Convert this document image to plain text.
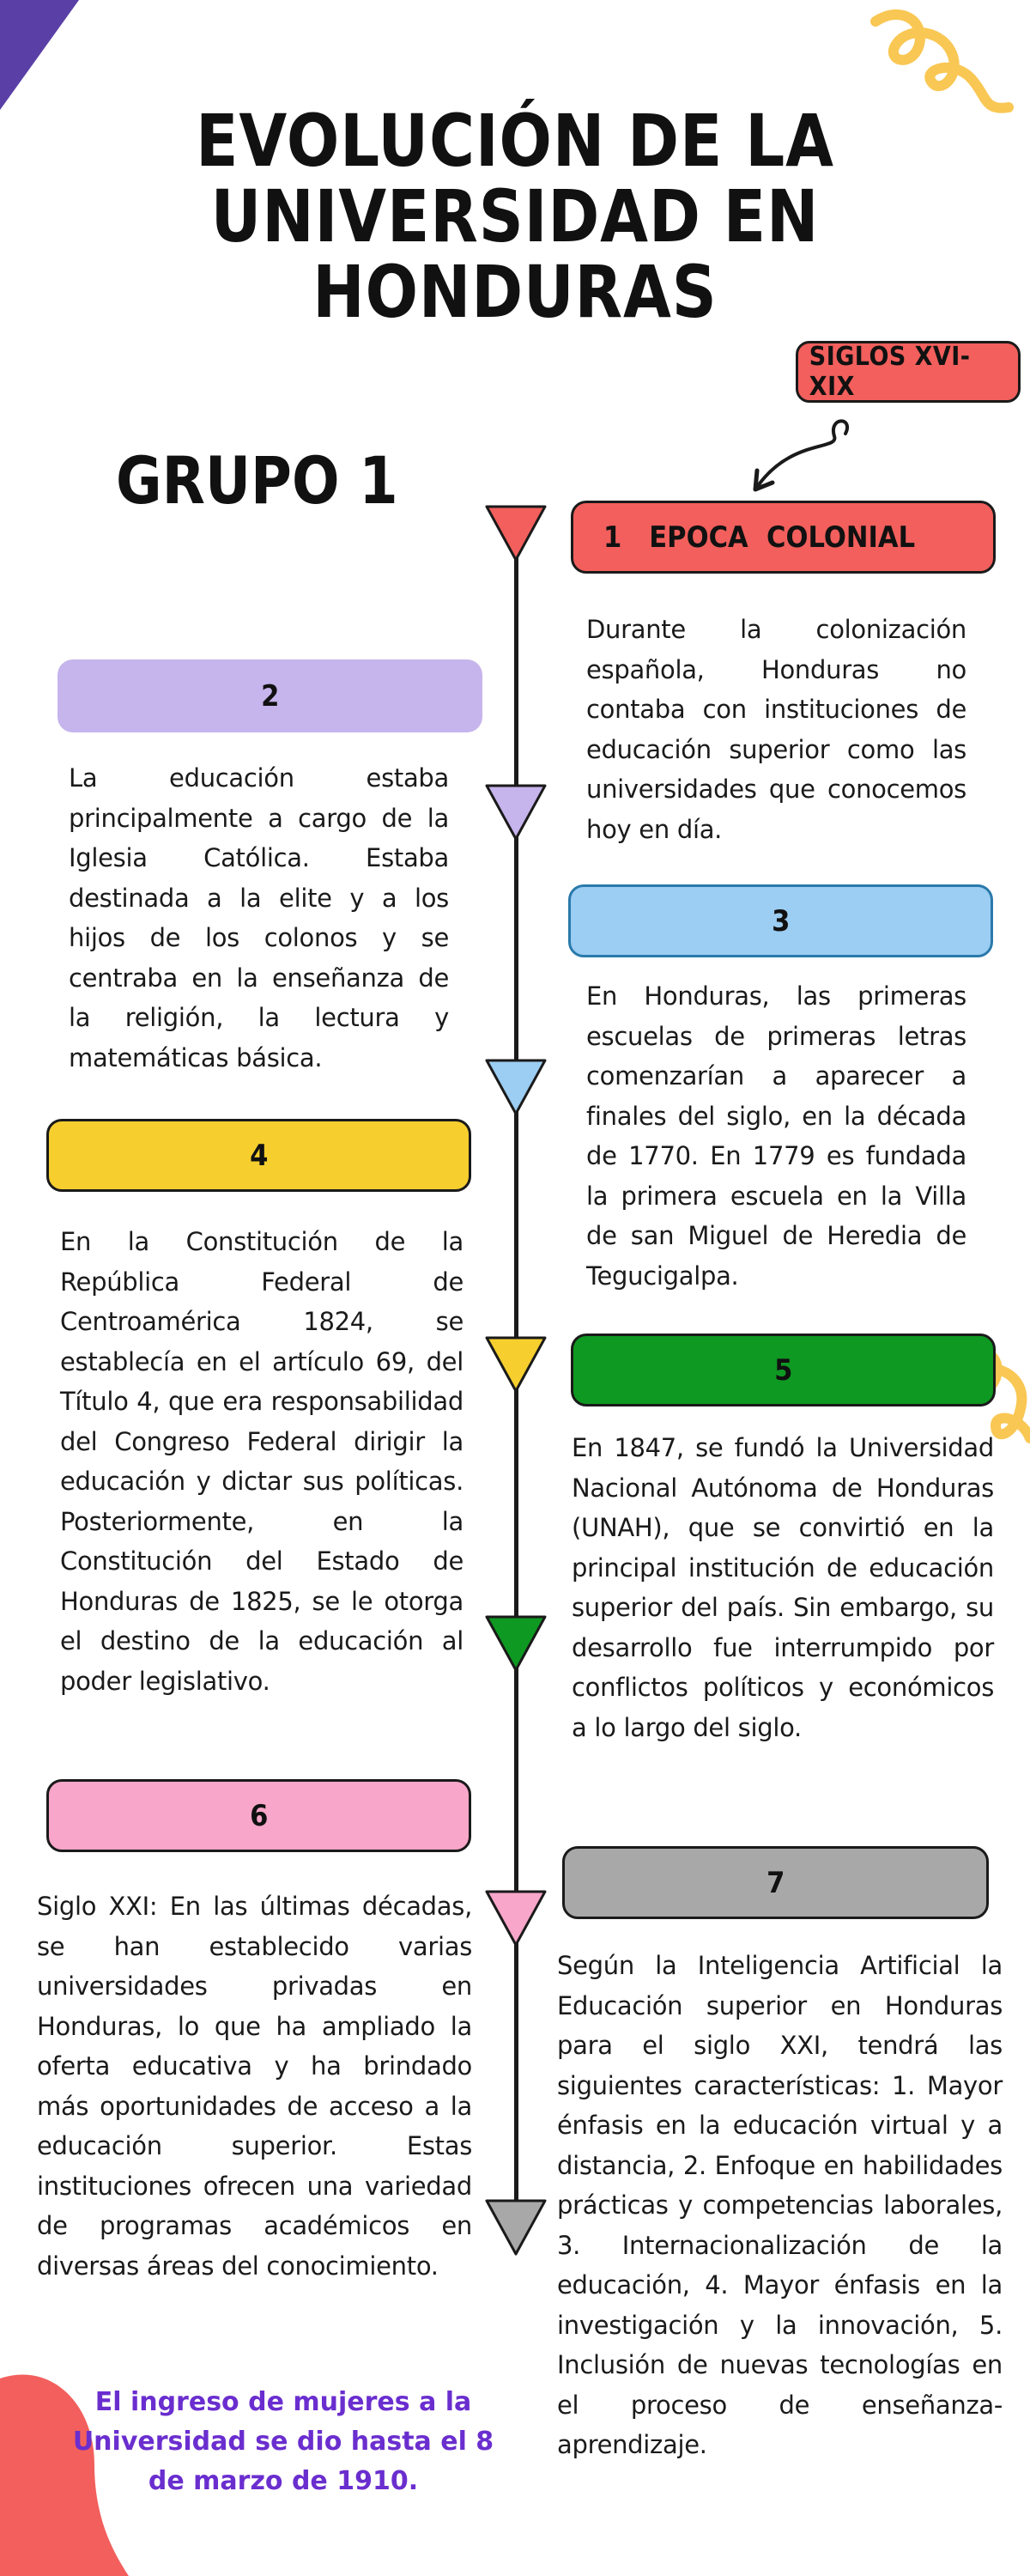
EVOLUCIÓN DE LA UNIVERSIDAD EN HONDURAS
GRUPO 1
SIGLOS XVI-XIX
1   EPOCA  COLONIAL
Durante la colonización española, Honduras no contaba con instituciones de educación superior como las universidades que conocemos hoy en día.
2
La educación estaba principalmente a cargo de la Iglesia Católica. Estaba destinada a la elite y a los hijos de los colonos y se centraba en la enseñanza de la religión, la lectura y matemáticas básica.
3
En Honduras, las primeras escuelas de primeras letras comenzarían a aparecer a finales del siglo, en la década de 1770. En 1779 es fundada la primera escuela en la Villa de san Miguel de Heredia de Tegucigalpa.
4
En la Constitución de la República Federal de Centroamérica 1824, se establecía en el artículo 69, del Título 4, que era responsabilidad del Congreso Federal dirigir la educación y dictar sus políticas. Posteriormente, en la Constitución del Estado de Honduras de 1825, se le otorga el destino de la educación al poder legislativo.
5
En 1847, se fundó la Universidad Nacional Autónoma de Honduras (UNAH), que se convirtió en la principal institución de educación superior del país. Sin embargo, su desarrollo fue interrumpido por conflictos políticos y económicos a lo largo del siglo.
6
Siglo XXI: En las últimas décadas, se han establecido varias universidades privadas en Honduras, lo que ha ampliado la oferta educativa y ha brindado más oportunidades de acceso a la educación superior. Estas instituciones ofrecen una variedad de programas académicos en diversas áreas del conocimiento.
7
Según la Inteligencia Artificial la Educación superior en Honduras para el siglo XXI, tendrá las siguientes características: 1. Mayor énfasis en la educación virtual y a distancia, 2. Enfoque en habilidades prácticas y competencias laborales, 3. Internacionalización de la educación, 4. Mayor énfasis en la investigación y la innovación, 5. Inclusión de nuevas tecnologías en el proceso de enseñanza-aprendizaje.
El ingreso de mujeres a la Universidad se dio hasta el 8 de marzo de 1910.
